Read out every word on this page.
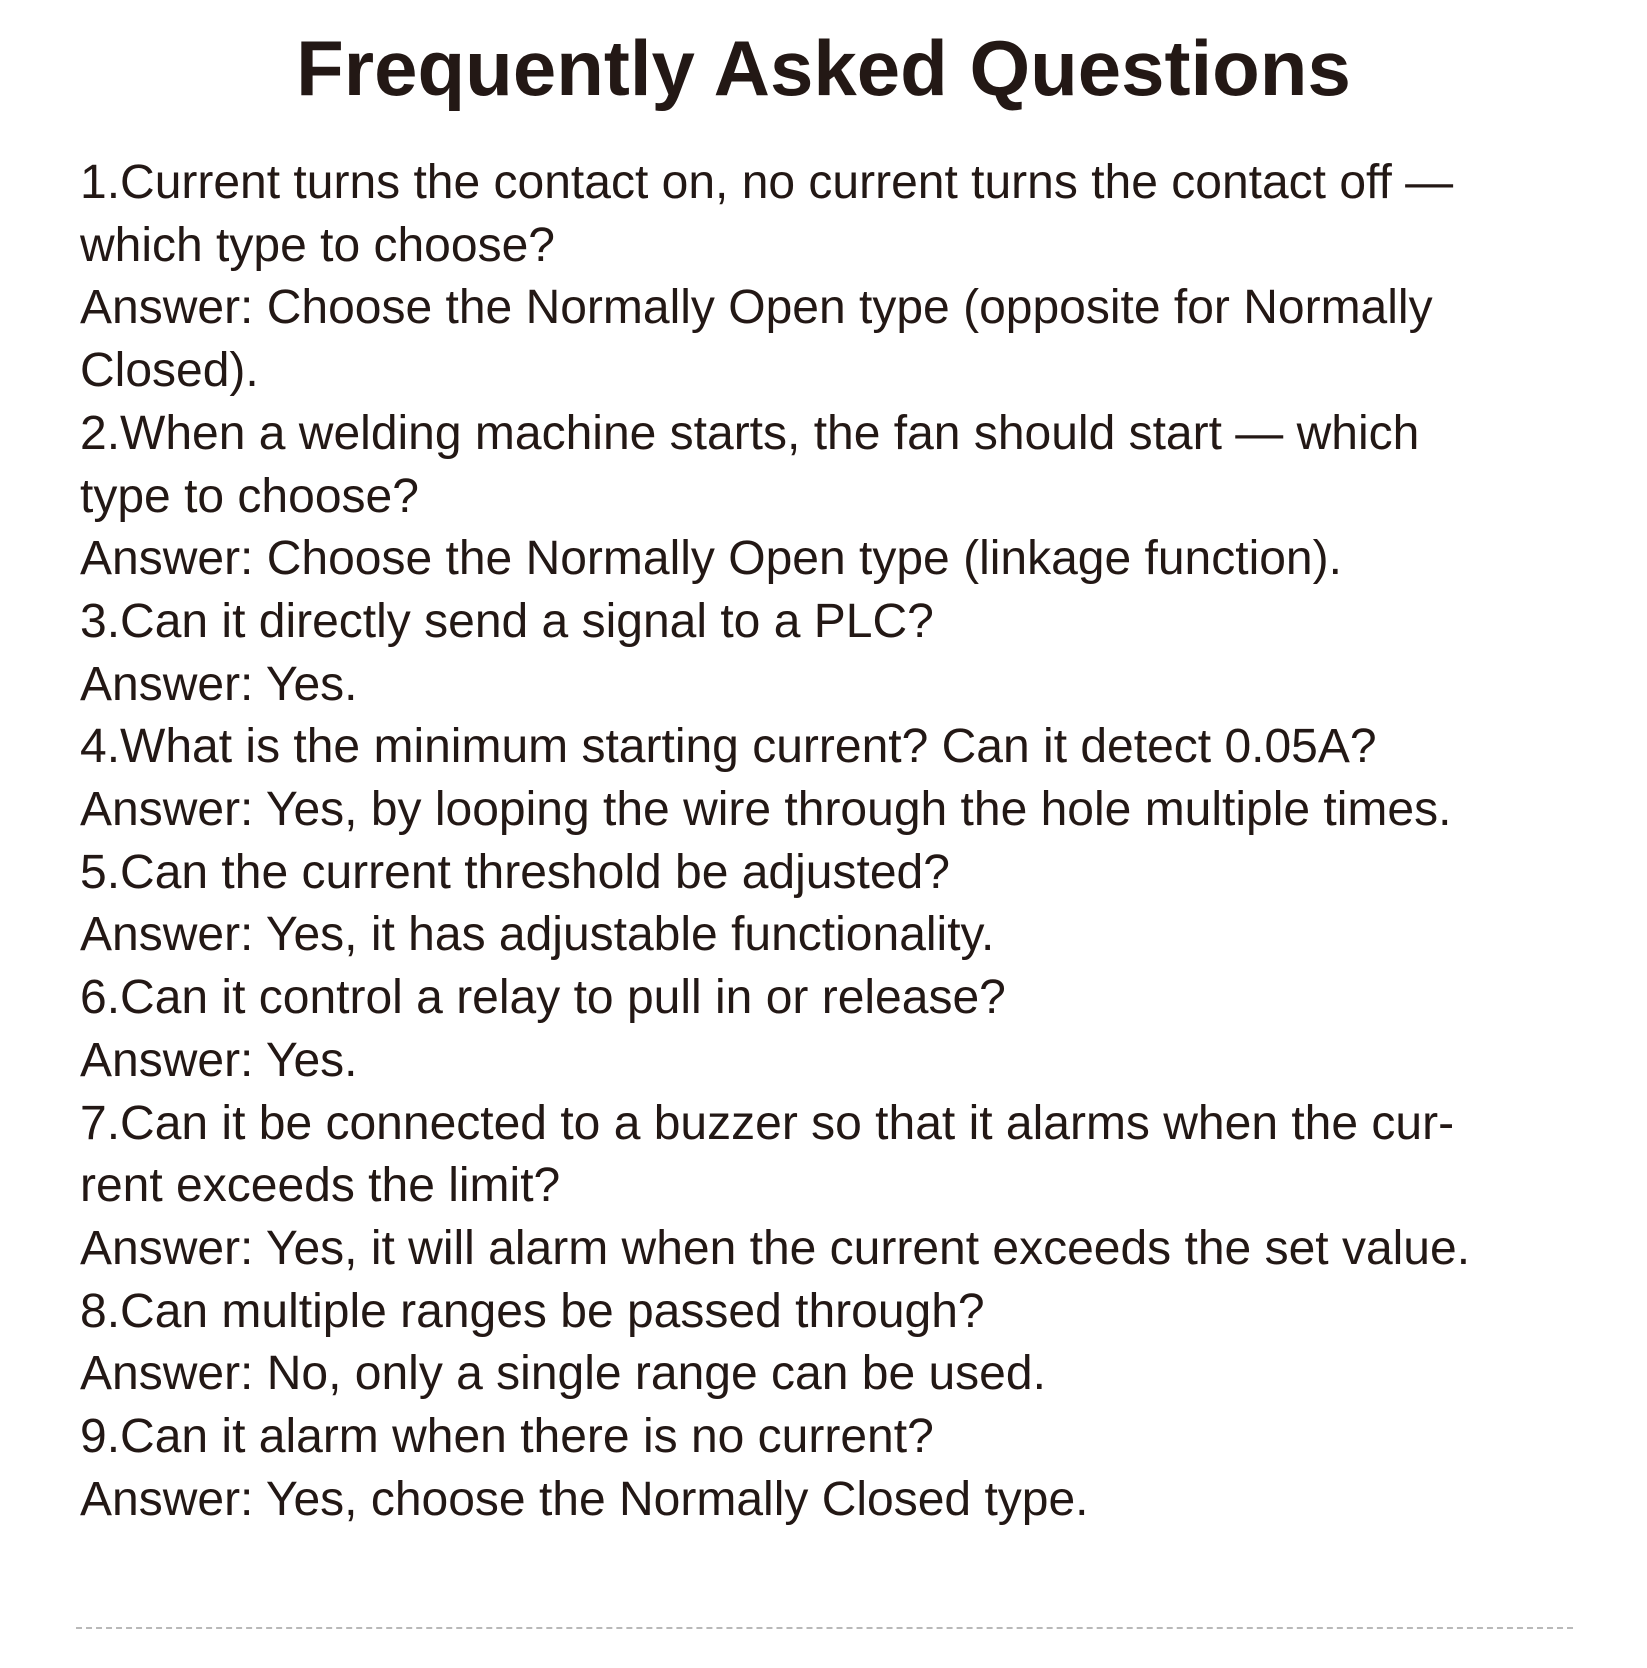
Frequently Asked Questions
1.Current turns the contact on, no current turns the contact off —
which type to choose?
Answer: Choose the Normally Open type (opposite for Normally
Closed).
2.When a welding machine starts, the fan should start — which
type to choose?
Answer: Choose the Normally Open type (linkage function).
3.Can it directly send a signal to a PLC?
Answer: Yes.
4.What is the minimum starting current? Can it detect 0.05A?
Answer: Yes, by looping the wire through the hole multiple times.
5.Can the current threshold be adjusted?
Answer: Yes, it has adjustable functionality.
6.Can it control a relay to pull in or release?
Answer: Yes.
7.Can it be connected to a buzzer so that it alarms when the cur-
rent exceeds the limit?
Answer: Yes, it will alarm when the current exceeds the set value.
8.Can multiple ranges be passed through?
Answer: No, only a single range can be used.
9.Can it alarm when there is no current?
Answer: Yes, choose the Normally Closed type.
